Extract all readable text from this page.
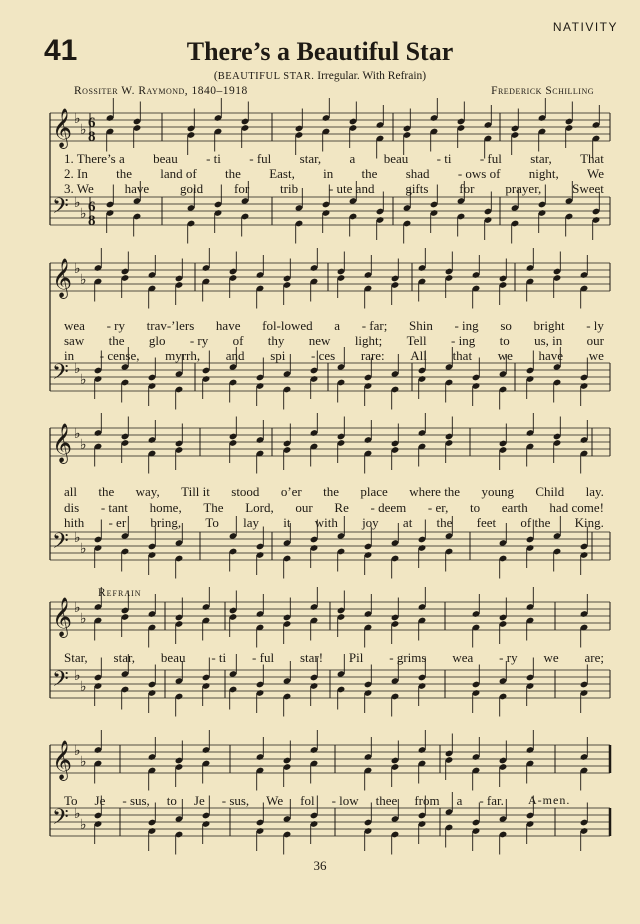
𝄞 ♭
♭ 6
8
𝄢 ♭
♭ 6
8
𝄞 ♭
♭
𝄢 ♭
♭
𝄞 ♭
♭
𝄢 ♭
♭
𝄞 ♭
♭
𝄢 ♭
♭
𝄞 ♭
♭
𝄢 ♭
♭
NATIVITY
41	There’s a Beautiful Star
(BEAUTIFUL STAR. Irregular. With Refrain)
Rossiter W. Raymond, 1840–1918	Frederick Schilling
1. There’s a beau - ti - ful star, a beau - ti - ful star, That
2. In the land of the East, in the shad - ows of night, We
3. We have gold for trib - ute and gifts for prayer, Sweet
wea - ry trav-’lers have fol-lowed a - far; Shin - ing so bright - ly
saw the glo - ry of thy new light; Tell - ing to us, in our
in - cense, myrrh, and spi - ces rare: All that we have we
all the way, Till it stood o’er the place where the young Child lay.
dis - tant home, The Lord, our Re - deem - er, to earth had come!
hith - er bring, To lay it with joy at the feet of the King.
Refrain
Star, star, beau - ti - ful star! Pil - grims wea - ry we are;
To Je - sus, to Je - sus, We fol - low thee from a - far. A-men.
36
